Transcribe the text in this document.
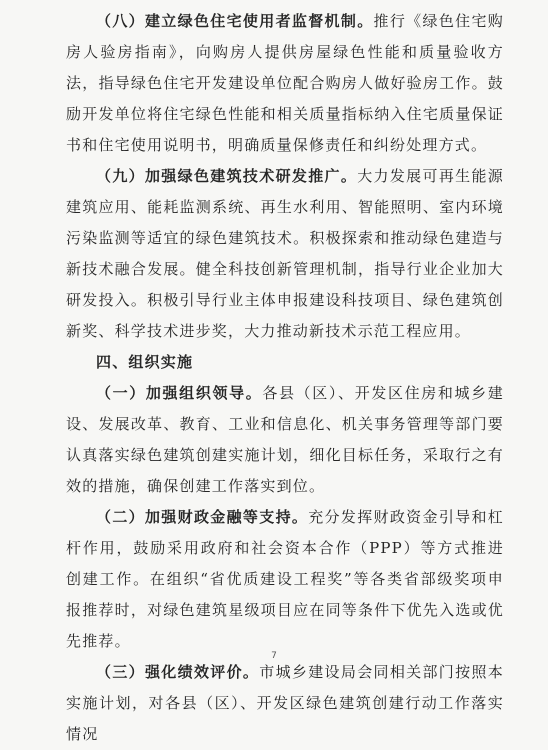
（八）建立绿色住宅使用者监督机制。推行《绿色住宅购房人验房指南》，向购房人提供房屋绿色性能和质量验收方法，指导绿色住宅开发建设单位配合购房人做好验房工作。鼓励开发单位将住宅绿色性能和相关质量指标纳入住宅质量保证书和住宅使用说明书，明确质量保修责任和纠纷处理方式。

（九）加强绿色建筑技术研发推广。大力发展可再生能源建筑应用、能耗监测系统、再生水利用、智能照明、室内环境污染监测等适宜的绿色建筑技术。积极探索和推动绿色建造与新技术融合发展。健全科技创新管理机制，指导行业企业加大研发投入。积极引导行业主体申报建设科技项目、绿色建筑创新奖、科学技术进步奖，大力推动新技术示范工程应用。

四、组织实施

（一）加强组织领导。各县（区）、开发区住房和城乡建设、发展改革、教育、工业和信息化、机关事务管理等部门要认真落实绿色建筑创建实施计划，细化目标任务，采取行之有效的措施，确保创建工作落实到位。

（二）加强财政金融等支持。充分发挥财政资金引导和杠杆作用，鼓励采用政府和社会资本合作（PPP）等方式推进创建工作。在组织“省优质建设工程奖”等各类省部级奖项申报推荐时，对绿色建筑星级项目应在同等条件下优先入选或优先推荐。

（三）强化绩效评价。市城乡建设局会同相关部门按照本实施计划，对各县（区）、开发区绿色建筑创建行动工作落实情况

7
